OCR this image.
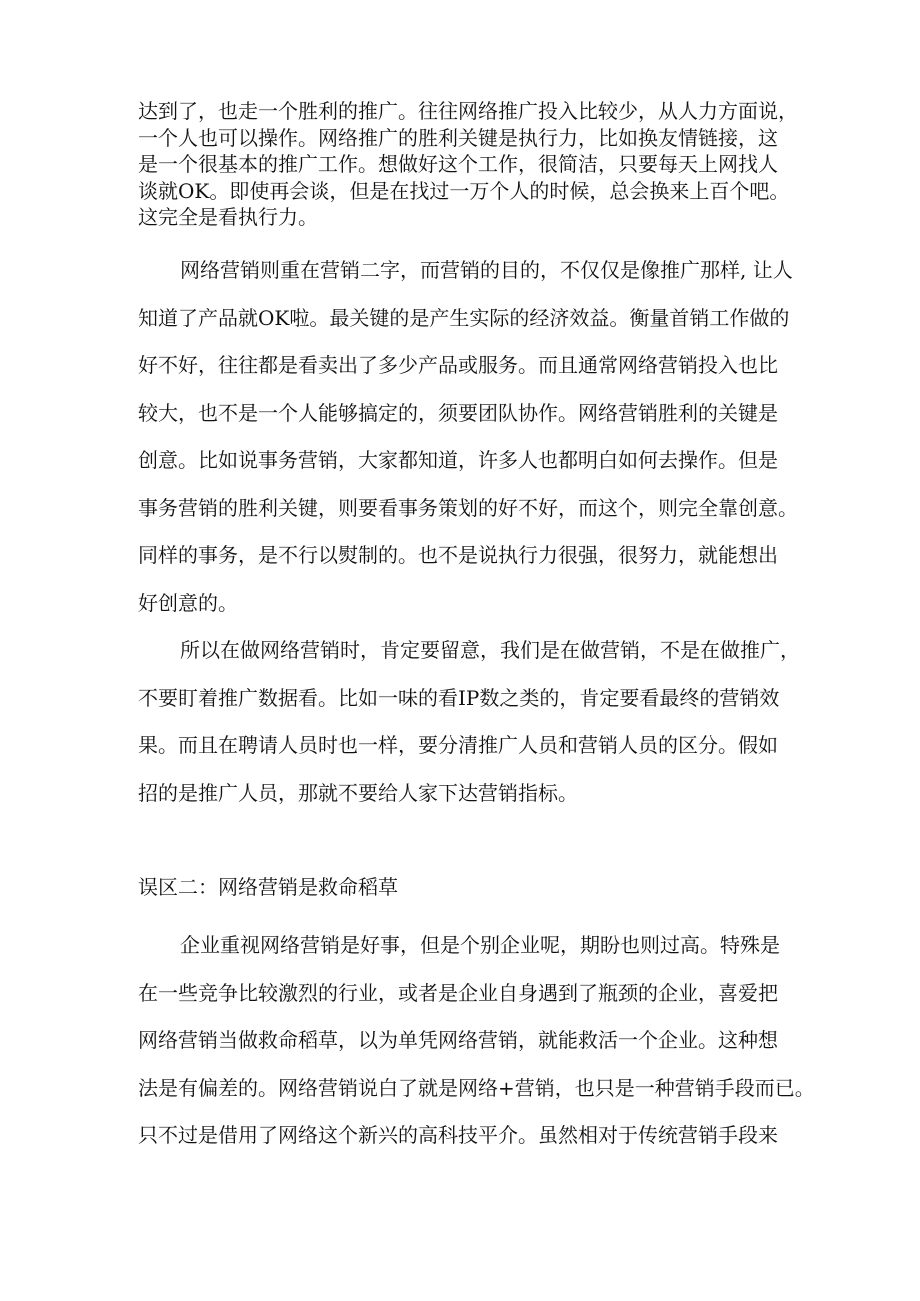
达到了，也走一个胜利的推广。往往网络推广投入比较少，从人力方面说，
一个人也可以操作。网络推广的胜利关键是执行力，比如换友情链接，这
是一个很基本的推广工作。想做好这个工作，很简洁，只要每天上网找人
谈就OK。即使再会谈，但是在找过一万个人的时候，总会换来上百个吧。
这完全是看执行力。

网络营销则重在营销二字，而营销的目的，不仅仅是像推广那样, 让人
知道了产品就OK啦。最关键的是产生实际的经济效益。衡量首销工作做的
好不好，往往都是看卖出了多少产品或服务。而且通常网络营销投入也比
较大，也不是一个人能够搞定的，须要团队协作。网络营销胜利的关键是
创意。比如说事务营销，大家都知道，许多人也都明白如何去操作。但是
事务营销的胜利关键，则要看事务策划的好不好，而这个，则完全靠创意。
同样的事务，是不行以熨制的。也不是说执行力很强，很努力，就能想出
好创意的。

所以在做网络营销时，肯定要留意，我们是在做营销，不是在做推广，
不要盯着推广数据看。比如一味的看IP数之类的，肯定要看最终的营销效
果。而且在聘请人员时也一样，要分清推广人员和营销人员的区分。假如
招的是推广人员，那就不要给人家下达营销指标。

误区二：网络营销是救命稻草

企业重视网络营销是好事，但是个别企业呢，期盼也则过高。特殊是
在一些竞争比较激烈的行业，或者是企业自身遇到了瓶颈的企业，喜爱把
网络营销当做救命稻草，以为单凭网络营销，就能救活一个企业。这种想
法是有偏差的。网络营销说白了就是网络+营销，也只是一种营销手段而已。
只不过是借用了网络这个新兴的高科技平介。虽然相对于传统营销手段来
